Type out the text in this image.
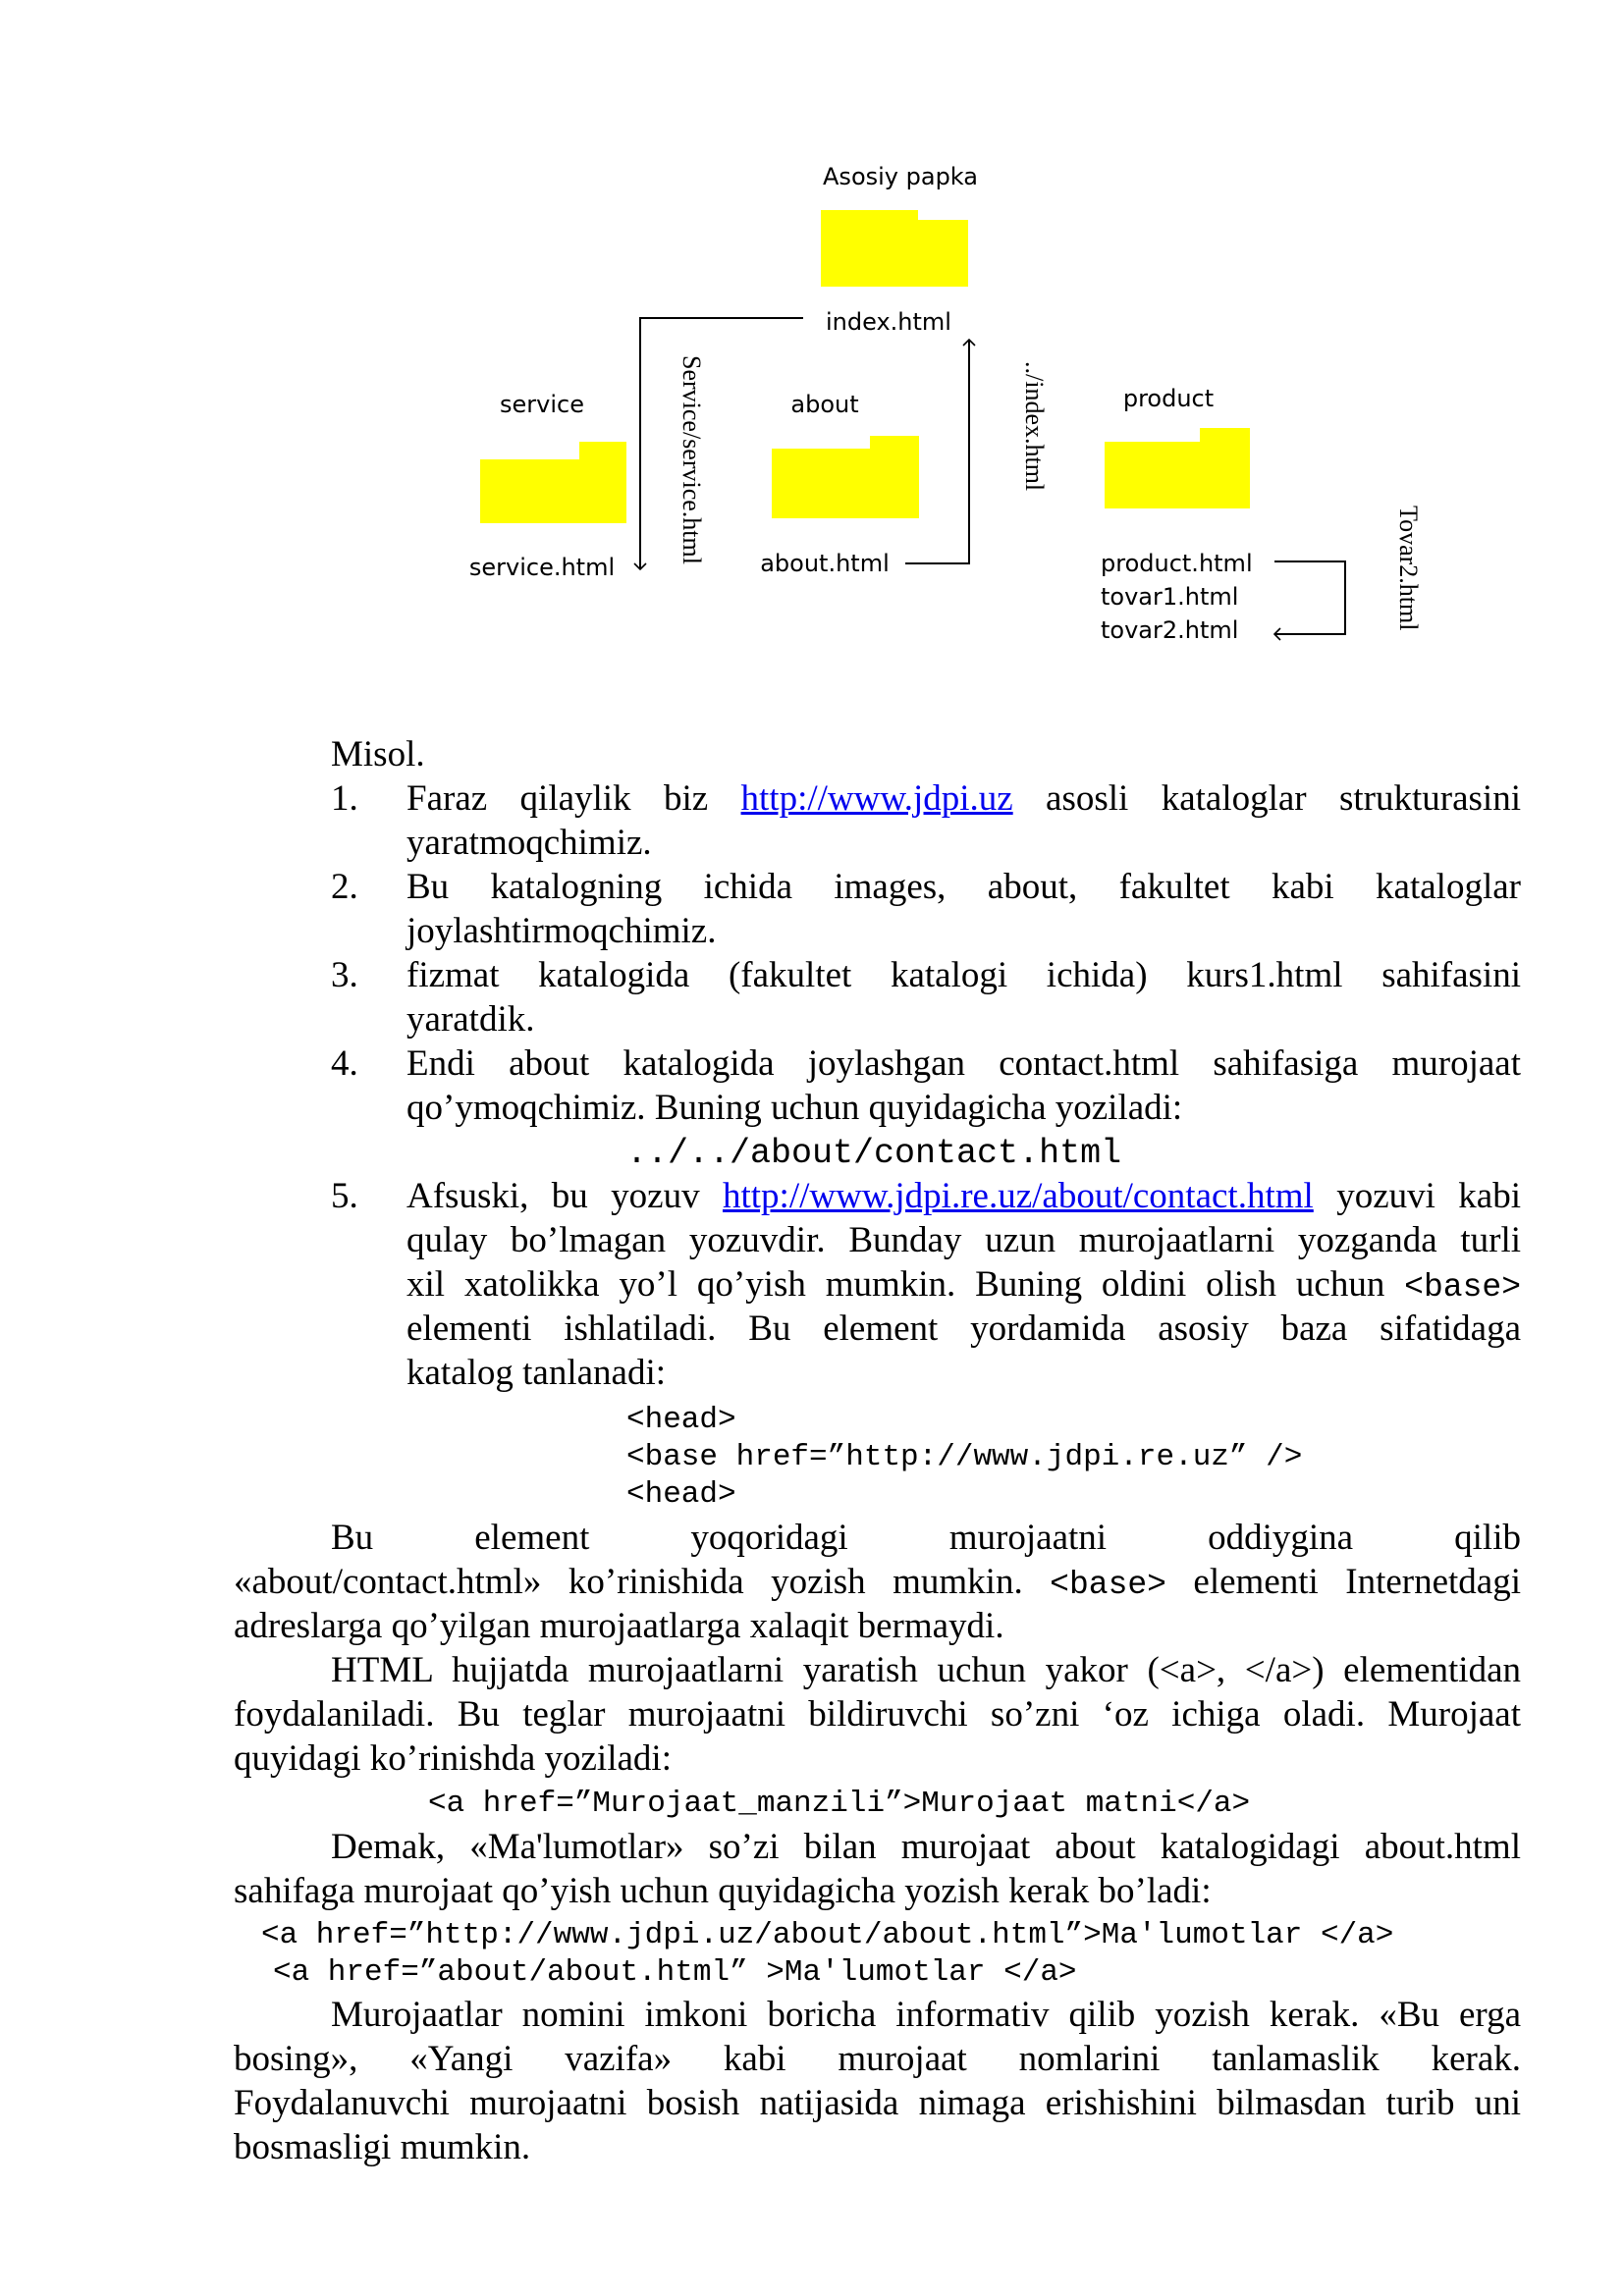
Asosiy papka
index.html
service
service.html
about
about.html
product
product.html
tovar1.html
tovar2.html
Service/service.html	../index.html
Tovar2.html
Misol.
1. Faraz qilaylik biz http://www.jdpi.uz asosli kataloglar strukturasini
yaratmoqchimiz.
2. Bu katalogning ichida images, about, fakultet kabi kataloglar
joylashtirmoqchimiz.
3. fizmat katalogida (fakultet katalogi ichida) kurs1.html sahifasini
yaratdik.
4. Endi about katalogida joylashgan contact.html sahifasiga murojaat
qo’ymoqchimiz. Buning uchun quyidagicha yoziladi:
../../about/contact.html
5. Afsuski, bu yozuv http://www.jdpi.re.uz/about/contact.html yozuvi kabi
qulay bo’lmagan yozuvdir. Bunday uzun murojaatlarni yozganda turli
xil xatolikka yo’l qo’yish mumkin. Buning oldini olish uchun <base>
elementi ishlatiladi. Bu element yordamida asosiy baza sifatidaga
katalog tanlanadi:
<head>
<base href=”http://www.jdpi.re.uz” />
<head>
Bu element yoqoridagi murojaatni oddiygina qilib
«about/contact.html» ko’rinishida yozish mumkin. <base> elementi Internetdagi
adreslarga qo’yilgan murojaatlarga xalaqit bermaydi.
HTML hujjatda murojaatlarni yaratish uchun yakor (<a>, </a>) elementidan
foydalaniladi. Bu teglar murojaatni bildiruvchi so’zni ‘oz ichiga oladi. Murojaat
quyidagi ko’rinishda yoziladi:
<a href=”Murojaat_manzili”>Murojaat matni</a>
Demak, «Ma'lumotlar» so’zi bilan murojaat about katalogidagi about.html
sahifaga murojaat qo’yish uchun quyidagicha yozish kerak bo’ladi:
<a href=”http://www.jdpi.uz/about/about.html”>Ma'lumotlar </a>
<a href=”about/about.html” >Ma'lumotlar </a>
Murojaatlar nomini imkoni boricha informativ qilib yozish kerak. «Bu erga
bosing», «Yangi vazifa» kabi murojaat nomlarini tanlamaslik kerak.
Foydalanuvchi murojaatni bosish natijasida nimaga erishishini bilmasdan turib uni
bosmasligi mumkin.
